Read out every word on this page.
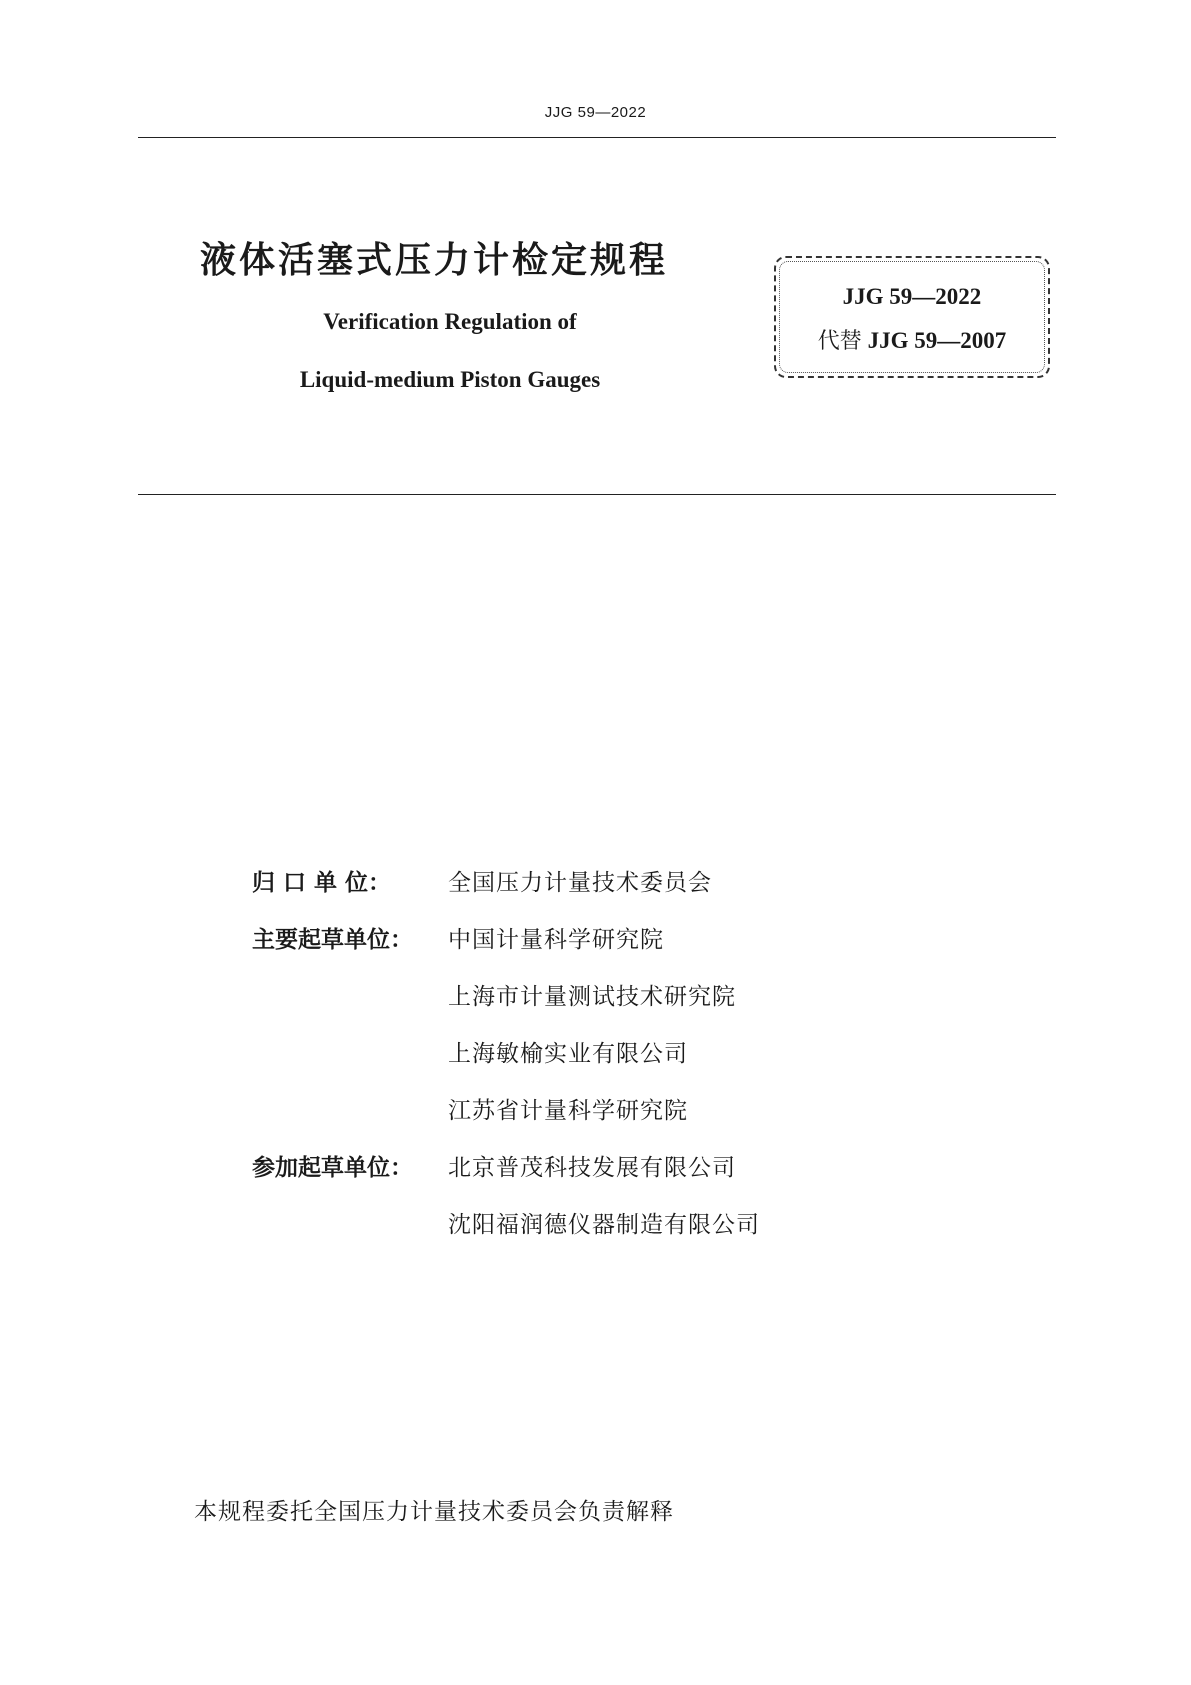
JJG 59—2022
液体活塞式压力计检定规程
Verification Regulation of
Liquid-medium Piston Gauges
JJG 59—2022
代替 JJG 59—2007
归 口 单 位： 全国压力计量技术委员会
主要起草单位： 中国计量科学研究院
上海市计量测试技术研究院
上海敏榆实业有限公司
江苏省计量科学研究院
参加起草单位： 北京普茂科技发展有限公司
沈阳福润德仪器制造有限公司
本规程委托全国压力计量技术委员会负责解释
